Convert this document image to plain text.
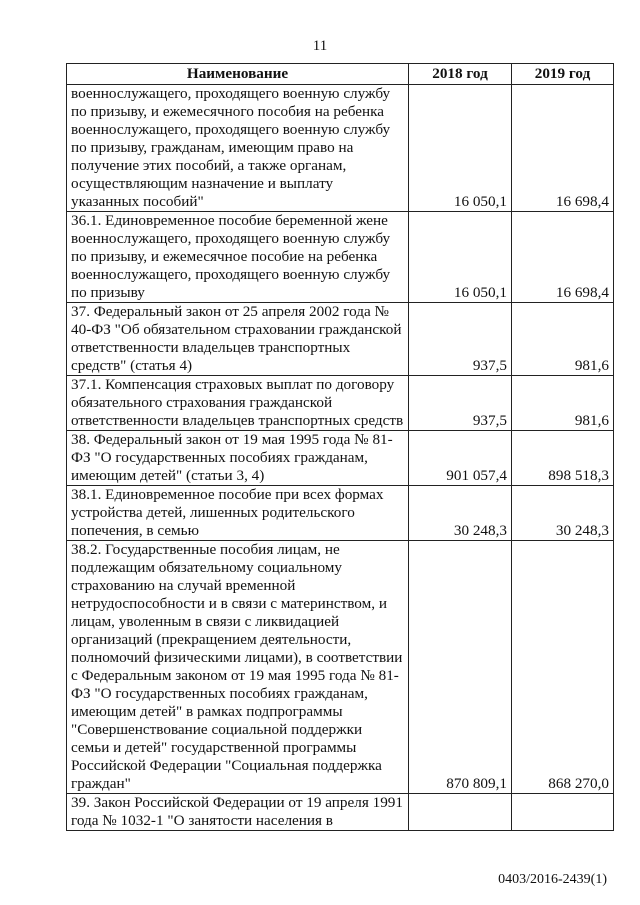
11
Наименование	2018 год	2019 год
военнослужащего, проходящего военную службу по призыву, и ежемесячного пособия на ребенка военнослужащего, проходящего военную службу по призыву, гражданам, имеющим право на получение этих пособий, а также органам, осуществляющим назначение и выплату указанных пособий"	16 050,1	16 698,4
36.1. Единовременное пособие беременной жене военнослужащего, проходящего военную службу по призыву, и ежемесячное пособие на ребенка военнослужащего, проходящего военную службу по призыву	16 050,1	16 698,4
37. Федеральный закон от 25 апреля 2002 года № 40-ФЗ "Об обязательном страховании гражданской ответственности владельцев транспортных средств" (статья 4)	937,5	981,6
37.1. Компенсация страховых выплат по договору обязательного страхования гражданской ответственности владельцев транспортных средств	937,5	981,6
38. Федеральный закон от 19 мая 1995 года № 81-ФЗ "О государственных пособиях гражданам, имеющим детей" (статьи 3, 4)	901 057,4	898 518,3
38.1. Единовременное пособие при всех формах устройства детей, лишенных родительского попечения, в семью	30 248,3	30 248,3
38.2. Государственные пособия лицам, не подлежащим обязательному социальному страхованию на случай временной нетрудоспособности и в связи с материнством, и лицам, уволенным в связи с ликвидацией организаций (прекращением деятельности, полномочий физическими лицами), в соответствии с Федеральным законом от 19 мая 1995 года № 81-ФЗ "О государственных пособиях гражданам, имеющим детей" в рамках подпрограммы "Совершенствование социальной поддержки семьи и детей" государственной программы Российской Федерации "Социальная поддержка граждан"	870 809,1	868 270,0
39. Закон Российской Федерации от 19 апреля 1991 года № 1032-1 "О занятости населения в		
0403/2016-2439(1)
